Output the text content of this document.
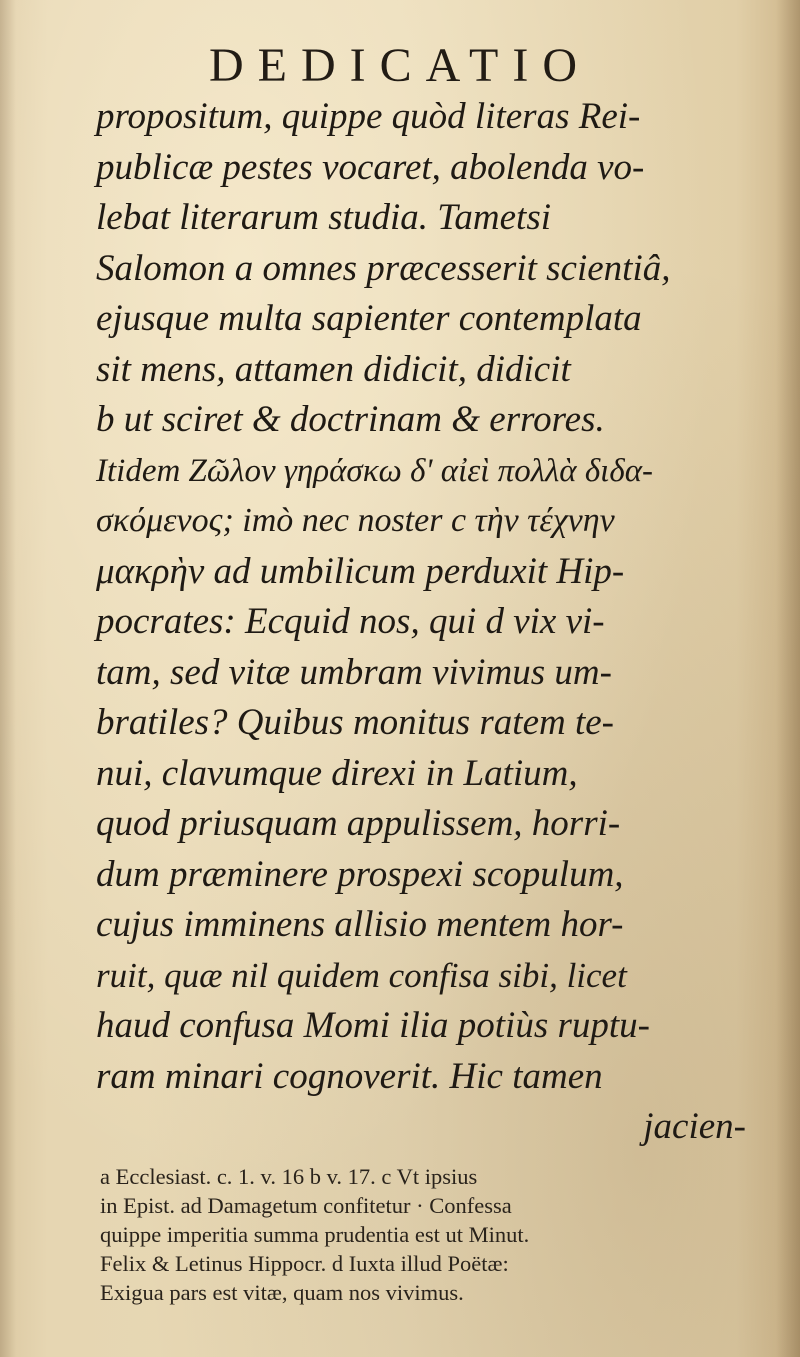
DEDICATIO
propositum, quippe quòd literas Rei-
publicæ pestes vocaret, abolenda vo-
lebat literarum studia. Tametsi
Salomon a omnes præcesserit scientiâ,
ejusque multa sapienter contemplata
sit mens, attamen didicit, didicit
b ut sciret & doctrinam & errores.
Itidem Ζῶλον γηράσκω δ' αἰεὶ πολλὰ διδα-
σκόμενος; imò nec noster c τὴν τέχνην
μακρὴν ad umbilicum perduxit Hip-
pocrates: Ecquid nos, qui d vix vi-
tam, sed vitæ umbram vivimus um-
bratiles? Quibus monitus ratem te-
nui, clavumque direxi in Latium,
quod priusquam appulissem, horri-
dum præminere prospexi scopulum,
cujus imminens allisio mentem hor-
ruit, quæ nil quidem confisa sibi, licet
haud confusa Momi ilia potiùs ruptu-
ram minari cognoverit. Hic tamen
jacien-
a Ecclesiast. c. 1. v. 16 b v. 17. c Vt ipsius
in Epist. ad Damagetum confitetur · Confessa
quippe imperitia summa prudentia est ut Minut.
Felix & Letinus Hippocr. d Iuxta illud Poëtæ:
Exigua pars est vitæ, quam nos vivimus.
